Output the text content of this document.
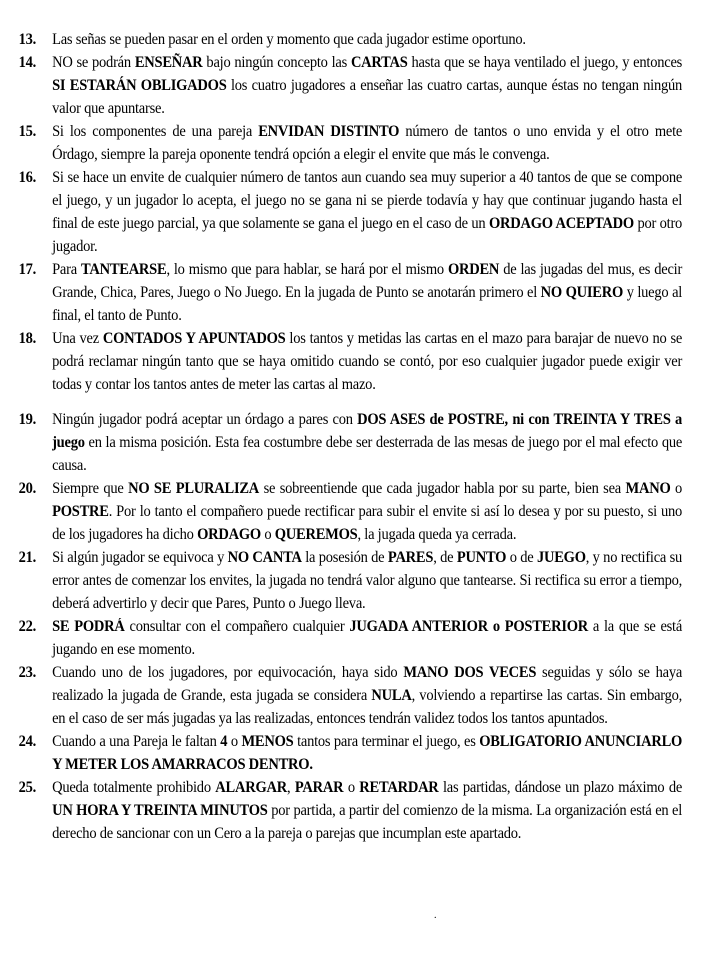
13.	Las señas se pueden pasar en el orden y momento que cada jugador estime oportuno.
14.	NO se podrán ENSEÑAR bajo ningún concepto las CARTAS hasta que se haya ventilado el juego, y entonces SI ESTARÁN OBLIGADOS los cuatro jugadores a enseñar las cuatro cartas, aunque éstas no tengan ningún valor que apuntarse.
15.	Si los componentes de una pareja ENVIDAN DISTINTO número de tantos o uno envida y el otro mete Órdago, siempre la pareja oponente tendrá opción a elegir el envite que más le convenga.
16.	Si se hace un envite de cualquier número de tantos aun cuando sea muy superior a 40 tantos de que se compone el juego, y un jugador lo acepta, el juego no se gana ni se pierde todavía y hay que continuar jugando hasta el final de este juego parcial, ya que solamente se gana el juego en el caso de un ORDAGO ACEPTADO por otro jugador.
17.	Para TANTEARSE, lo mismo que para hablar, se hará por el mismo ORDEN de las jugadas del mus, es decir Grande, Chica, Pares, Juego o No Juego. En la jugada de Punto se anotarán primero el NO QUIERO y luego al final, el tanto de Punto.
18.	Una vez CONTADOS Y APUNTADOS los tantos y metidas las cartas en el mazo para barajar de nuevo no se podrá reclamar ningún tanto que se haya omitido cuando se contó, por eso cualquier jugador puede exigir ver todas y contar los tantos antes de meter las cartas al mazo.
19.	Ningún jugador podrá aceptar un órdago a pares con DOS ASES de POSTRE, ni con TREINTA Y TRES a juego en la misma posición. Esta fea costumbre debe ser desterrada de las mesas de juego por el mal efecto que causa.
20.	Siempre que NO SE PLURALIZA se sobreentiende que cada jugador habla por su parte, bien sea MANO o POSTRE. Por lo tanto el compañero puede rectificar para subir el envite si así lo desea y por su puesto, si uno de los jugadores ha dicho ORDAGO o QUEREMOS, la jugada queda ya cerrada.
21.	Si algún jugador se equivoca y NO CANTA la posesión de PARES, de PUNTO o de JUEGO, y no rectifica su error antes de comenzar los envites, la jugada no tendrá valor alguno que tantearse. Si rectifica su error a tiempo, deberá advertirlo y decir que Pares, Punto o Juego lleva.
22.	SE PODRÁ consultar con el compañero cualquier JUGADA ANTERIOR o POSTERIOR a la que se está jugando en ese momento.
23.	Cuando uno de los jugadores, por equivocación, haya sido MANO DOS VECES seguidas y sólo se haya realizado la jugada de Grande, esta jugada se considera NULA, volviendo a repartirse las cartas. Sin embargo, en el caso de ser más jugadas ya las realizadas, entonces tendrán validez todos los tantos apuntados.
24.	Cuando a una Pareja le faltan 4 o MENOS tantos para terminar el juego, es OBLIGATORIO ANUNCIARLO Y METER LOS AMARRACOS DENTRO.
25.	Queda totalmente prohibido ALARGAR, PARAR o RETARDAR las partidas, dándose un plazo máximo de UN HORA Y TREINTA MINUTOS por partida, a partir del comienzo de la misma. La organización está en el derecho de sancionar con un Cero a la pareja o parejas que incumplan este apartado.
.
